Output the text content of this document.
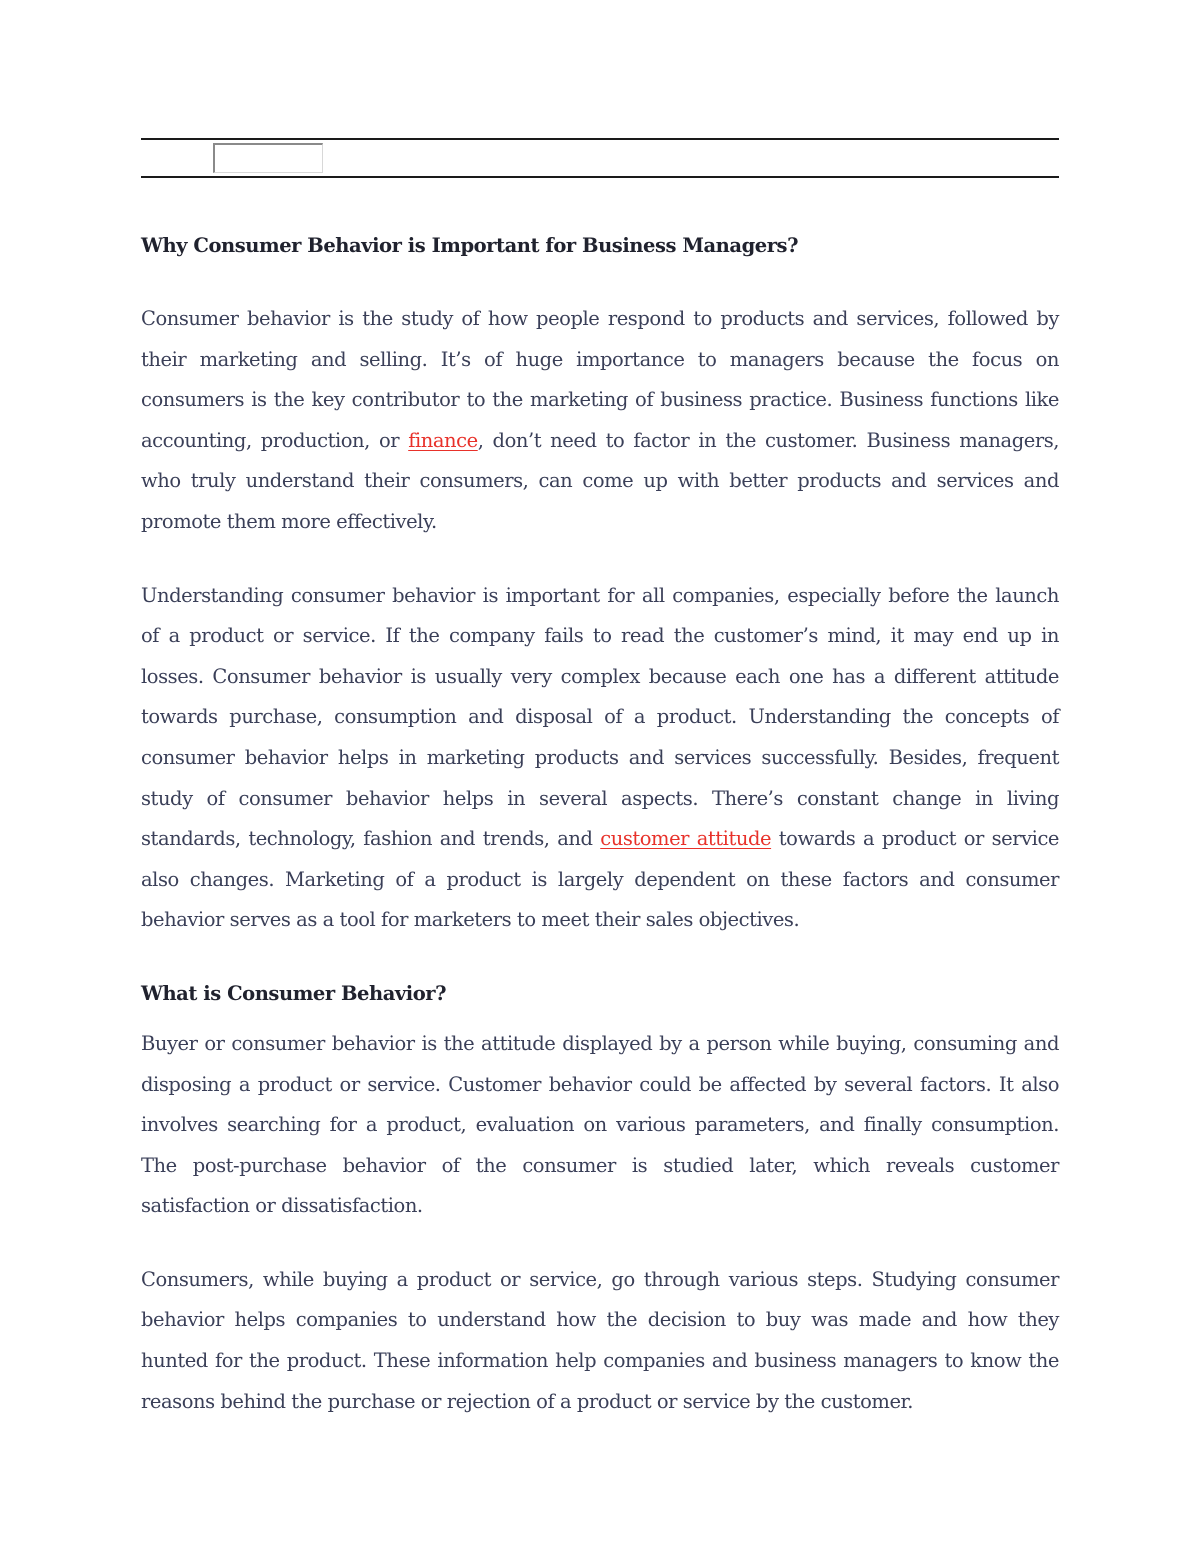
Why Consumer Behavior is Important for Business Managers?

Consumer behavior is the study of how people respond to products and services, followed by their marketing and selling. It’s of huge importance to managers because the focus on consumers is the key contributor to the marketing of business practice. Business functions like accounting, production, or finance, don’t need to factor in the customer. Business managers, who truly understand their consumers, can come up with better products and services and promote them more effectively.

Understanding consumer behavior is important for all companies, especially before the launch of a product or service. If the company fails to read the customer’s mind, it may end up in losses. Consumer behavior is usually very complex because each one has a different attitude towards purchase, consumption and disposal of a product. Understanding the concepts of consumer behavior helps in marketing products and services successfully. Besides, frequent study of consumer behavior helps in several aspects. There’s constant change in living standards, technology, fashion and trends, and customer attitude towards a product or service also changes. Marketing of a product is largely dependent on these factors and consumer behavior serves as a tool for marketers to meet their sales objectives.

What is Consumer Behavior?

Buyer or consumer behavior is the attitude displayed by a person while buying, consuming and disposing a product or service. Customer behavior could be affected by several factors. It also involves searching for a product, evaluation on various parameters, and finally consumption. The post-purchase behavior of the consumer is studied later, which reveals customer satisfaction or dissatisfaction.

Consumers, while buying a product or service, go through various steps. Studying consumer behavior helps companies to understand how the decision to buy was made and how they hunted for the product. These information help companies and business managers to know the reasons behind the purchase or rejection of a product or service by the customer.
